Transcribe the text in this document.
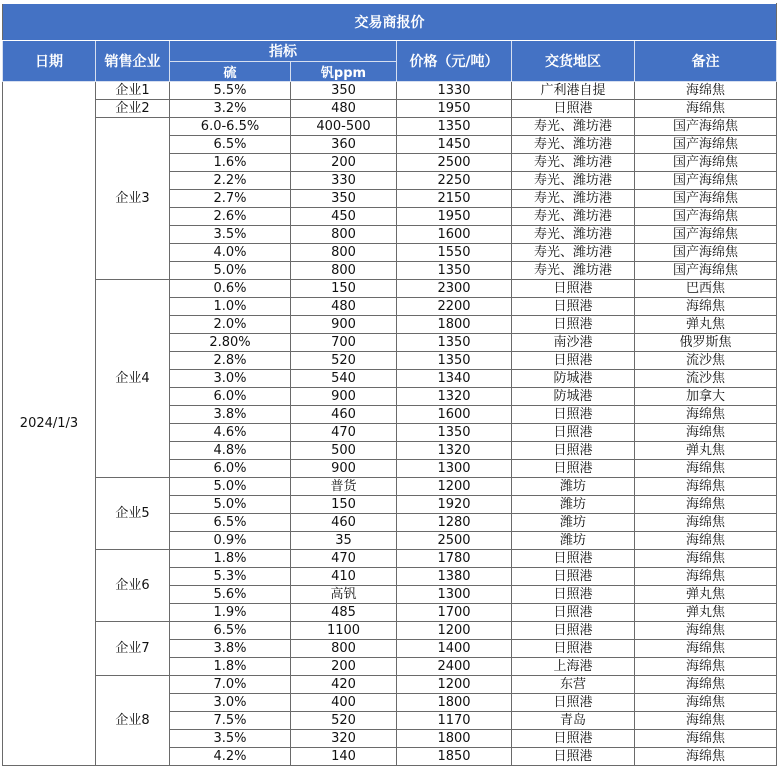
交易商报价						
日期	销售企业	指标		价格（元/吨）	交货地区	备注
		硫	钒ppm			
2024/1/3	企业1	5.5%	350	1330	广利港自提	海绵焦
	企业2	3.2%	480	1950	日照港	海绵焦
	企业3	6.0-6.5%	400-500	1350	寿光、潍坊港	国产海绵焦
		6.5%	360	1450	寿光、潍坊港	国产海绵焦
		1.6%	200	2500	寿光、潍坊港	国产海绵焦
		2.2%	330	2250	寿光、潍坊港	国产海绵焦
		2.7%	350	2150	寿光、潍坊港	国产海绵焦
		2.6%	450	1950	寿光、潍坊港	国产海绵焦
		3.5%	800	1600	寿光、潍坊港	国产海绵焦
		4.0%	800	1550	寿光、潍坊港	国产海绵焦
		5.0%	800	1350	寿光、潍坊港	国产海绵焦
	企业4	0.6%	150	2300	日照港	巴西焦
		1.0%	480	2200	日照港	海绵焦
		2.0%	900	1800	日照港	弹丸焦
		2.80%	700	1350	南沙港	俄罗斯焦
		2.8%	520	1350	日照港	流沙焦
		3.0%	540	1340	防城港	流沙焦
		6.0%	900	1320	防城港	加拿大
		3.8%	460	1600	日照港	海绵焦
		4.6%	470	1350	日照港	海绵焦
		4.8%	500	1320	日照港	弹丸焦
		6.0%	900	1300	日照港	海绵焦
	企业5	5.0%	普货	1200	潍坊	海绵焦
		5.0%	150	1920	潍坊	海绵焦
		6.5%	460	1280	潍坊	海绵焦
		0.9%	35	2500	潍坊	海绵焦
	企业6	1.8%	470	1780	日照港	海绵焦
		5.3%	410	1380	日照港	海绵焦
		5.6%	高钒	1300	日照港	弹丸焦
		1.9%	485	1700	日照港	弹丸焦
	企业7	6.5%	1100	1200	日照港	海绵焦
		3.8%	800	1400	日照港	海绵焦
		1.8%	200	2400	上海港	海绵焦
	企业8	7.0%	420	1200	东营	海绵焦
		3.0%	400	1800	日照港	海绵焦
		7.5%	520	1170	青岛	海绵焦
		3.5%	320	1800	日照港	海绵焦
		4.2%	140	1850	日照港	海绵焦
